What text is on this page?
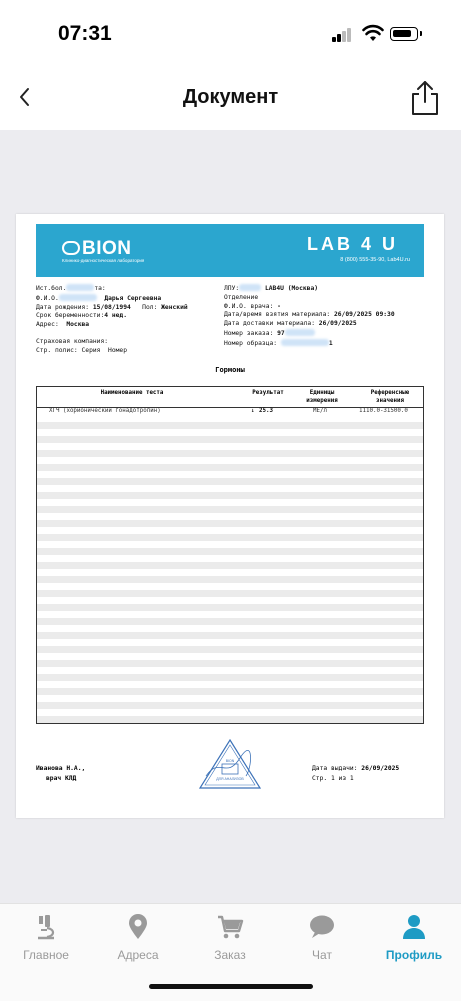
07:31
Документ
BION
Клинико-диагностическая лаборатория
LAB 4 U
8 (800) 555-35-90, Lab4U.ru
Ист.бол.	та:
Ф.И.О.	Дарья Сергеевна
Дата рождения: 15/08/1994 Пол: Женский
Срок беременности:4 нед.
Адрес: Москва
Страховая компания:
Стр. полис: Серия Номер
ЛПУ:	LAB4U (Москва)
Отделение
Ф.И.О. врача: -
Дата/время взятия материала: 26/09/2025 09:30
Дата доставки материала: 26/09/2025
Номер заказа: 97
Номер образца:	1
Гормоны
Наименование теста	Результат	Единицы
измерения
Референсные
значения
ХГЧ (хорионический гонадотропин)	↓ 25.3	МЕ/л	1110.0-31500.0
Иванова Н.А.,
врач КЛД	ДЛЯ АНАЛИЗОВ
BION
Дата выдачи: 26/09/2025
Стр. 1 из 1
Главное	Адреса	Заказ	Чат	Профиль
